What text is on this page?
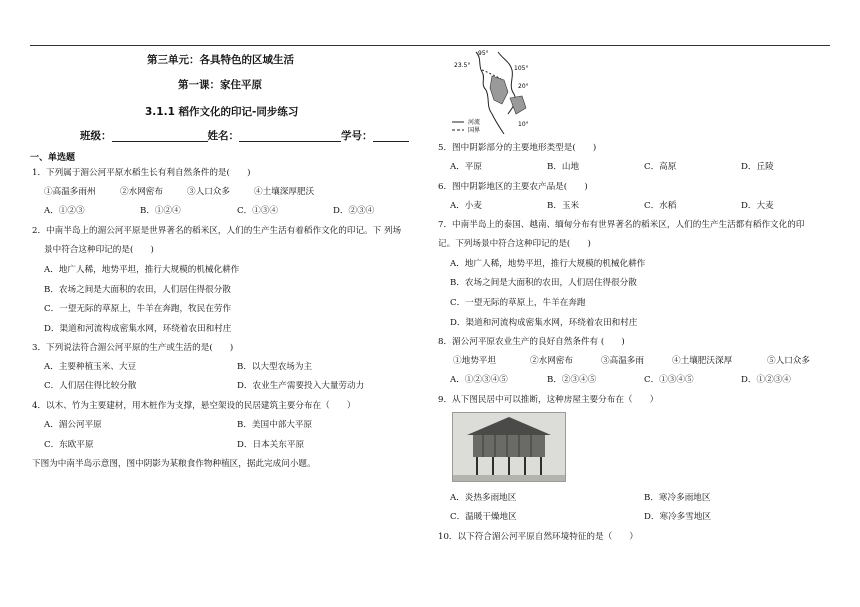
第三单元：各具特色的区域生活
第一课：家住平原
3.1.1 稻作文化的印记-同步练习
班级：	姓名：	学号：
一、单选题
1．下列属于湄公河平原水稻生长有利自然条件的是(　　)
①高温多雨州	②水网密布	③人口众多	④土壤深厚肥沃
A．①②③	B．①②④	C．①③④	D．②③④
2．中南半岛上的湄公河平原是世界著名的稻米区，人们的生产生活有着稻作文化的印记。下 列场
景中符合这种印记的是(　　)
A．地广人稀，地势平坦，推行大规模的机械化耕作
B．农场之间是大面积的农田，人们居住得很分散
C．一望无际的草原上，牛羊在奔跑，牧民在劳作
D．渠道和河流构成密集水网，环绕着农田和村庄
3．下列说法符合湄公河平原的生产或生活的是(　　)
A．主要种植玉米、大豆	B．以大型农场为主
C．人们居住得比较分散	D．农业生产需要投入大量劳动力
4．以木、竹为主要建材，用木桩作为支撑，悬空架设的民居建筑主要分布在（　　）
A．湄公河平原	B．美国中部大平原
C．东欧平原	D．日本关东平原
下图为中南半岛示意图，图中阴影为某粮食作物种植区，据此完成问小题。
95°
23.5°	105°
20°
河流
国界
10°
5．图中阴影部分的主要地形类型是(　　)
A．平原	B．山地	C．高原	D．丘陵
6．图中阴影地区的主要农产品是(　　)
A．小麦	B．玉米	C．水稻	D．大麦
7．中南半岛上的泰国、越南、缅甸分布有世界著名的稻米区，人们的生产生活都有稻作文化的印
记。下列场景中符合这种印记的是(　　)
A．地广人稀，地势平坦，推行大规模的机械化耕作
B．农场之间是大面积的农田，人们居住得很分散
C．一望无际的草原上，牛羊在奔跑
D．渠道和河流构成密集水网，环绕着农田和村庄
8．湄公河平原农业生产的良好自然条件有 (　　)
①地势平坦	②水网密布	③高温多雨	④土壤肥沃深厚	⑤人口众多
A．①②③④⑤	B．②③④⑤	C．①③④⑤	D．①②③④
9．从下图民居中可以推断，这种房屋主要分布在（　　）
A．炎热多雨地区	B．寒冷多雨地区
C．温暖干燥地区	D．寒冷多雪地区
10．以下符合湄公河平原自然环境特征的是（　　）
